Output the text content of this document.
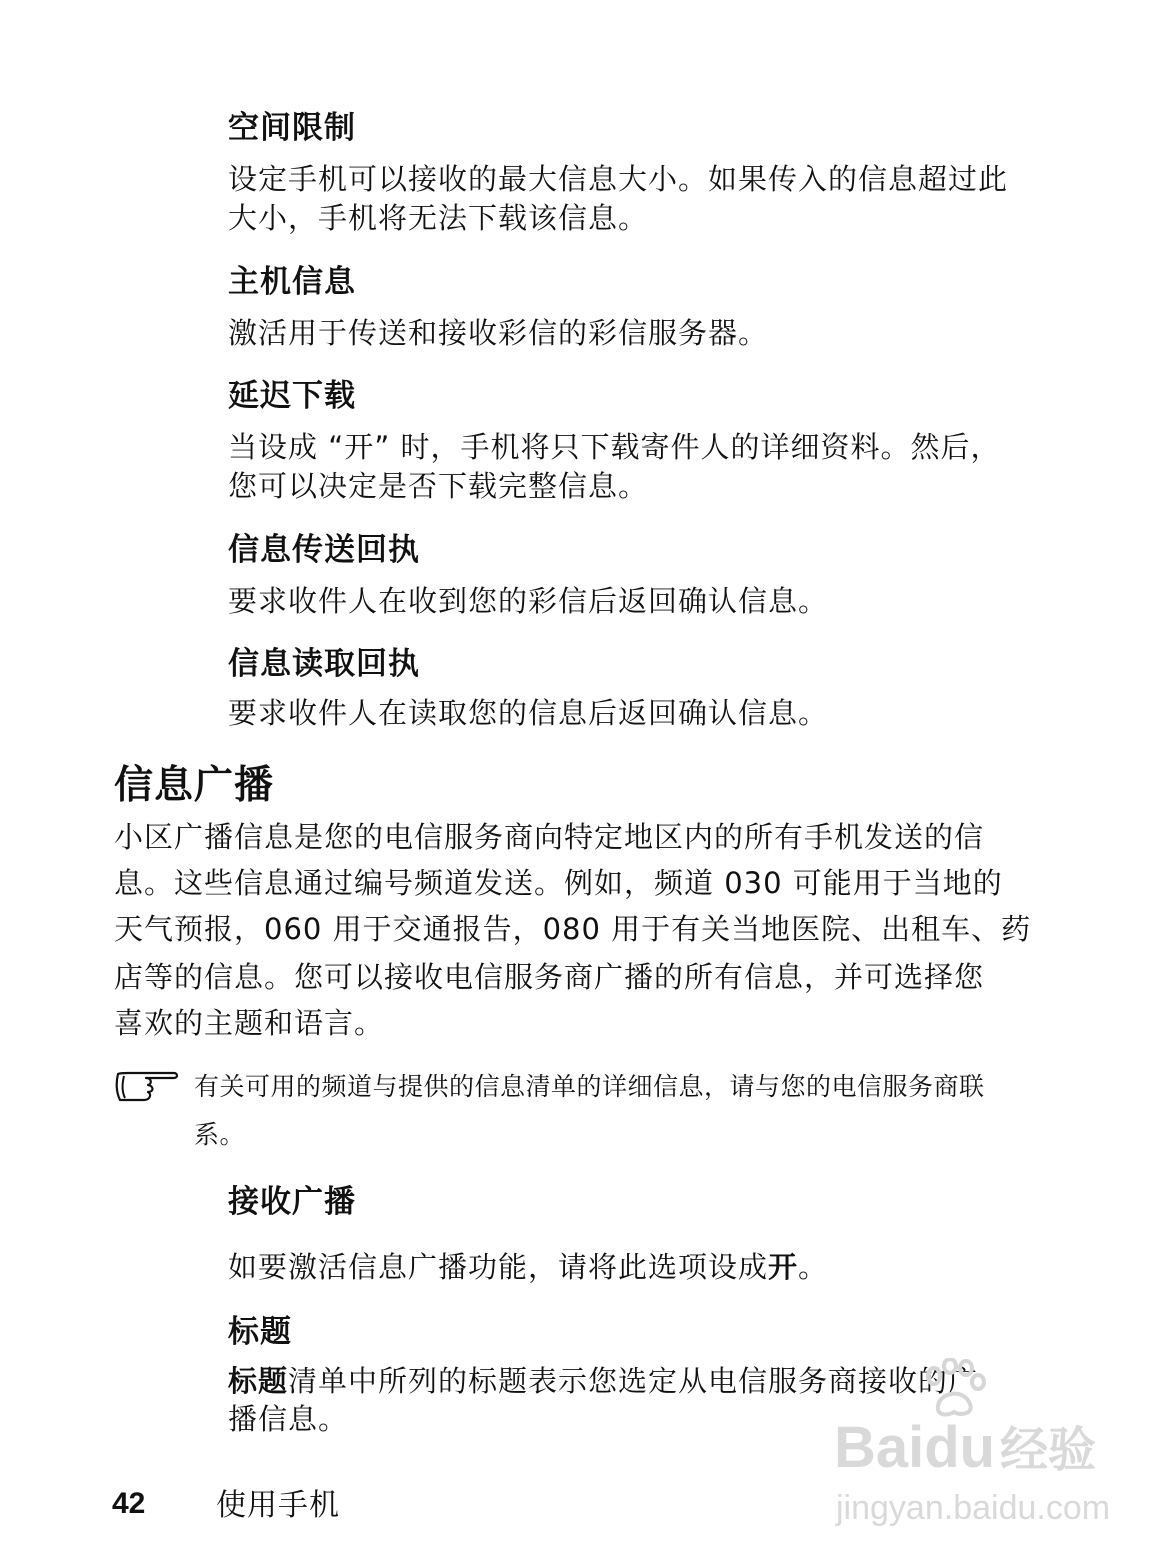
空间限制
设定手机可以接收的最大信息大小。如果传入的信息超过此
大小，手机将无法下载该信息。
主机信息
激活用于传送和接收彩信的彩信服务器。
延迟下载
当设成 “开” 时，手机将只下载寄件人的详细资料。然后，
您可以决定是否下载完整信息。
信息传送回执
要求收件人在收到您的彩信后返回确认信息。
信息读取回执
要求收件人在读取您的信息后返回确认信息。
信息广播
小区广播信息是您的电信服务商向特定地区内的所有手机发送的信
息。这些信息通过编号频道发送。例如，频道 030 可能用于当地的
天气预报，060 用于交通报告，080 用于有关当地医院、出租车、药
店等的信息。您可以接收电信服务商广播的所有信息，并可选择您
喜欢的主题和语言。
有关可用的频道与提供的信息清单的详细信息，请与您的电信服务商联
系。
接收广播
如要激活信息广播功能，请将此选项设成开。
标题
标题清单中所列的标题表示您选定从电信服务商接收的广
播信息。
42 使用手机
Baidu 经验
jingyan.baidu.com
